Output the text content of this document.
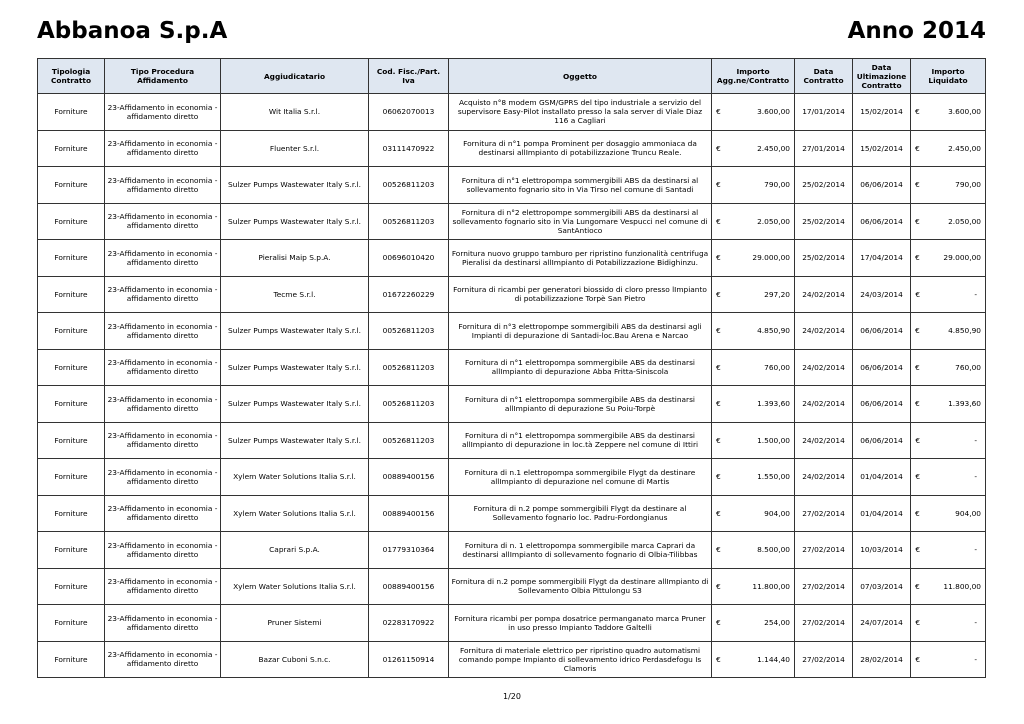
Abbanoa S.p.A	Anno 2014
Tipologia Contratto	Tipo Procedura Affidamento	Aggiudicatario	Cod. Fisc./Part. Iva	Oggetto	Importo Agg.ne/Contratto		Data Contratto	Data Ultimazione Contratto	Importo Liquidato	
Forniture	23-Affidamento in economia - affidamento diretto	Wit Italia S.r.l.	06062070013	Acquisto n°8 modem GSM/GPRS del tipo industriale a servizio del supervisore Easy-Pilot installato presso la sala server di Viale Diaz 116 a Cagliari	€	3.600,00	17/01/2014	15/02/2014	€	3.600,00
Forniture	23-Affidamento in economia - affidamento diretto	Fluenter S.r.l.	03111470922	Fornitura di n°1 pompa Prominent per dosaggio ammoniaca da destinarsi allImpianto di potabilizzazione Truncu Reale.	€	2.450,00	27/01/2014	15/02/2014	€	2.450,00
Forniture	23-Affidamento in economia - affidamento diretto	Sulzer Pumps Wastewater Italy S.r.l.	00526811203	Fornitura di n°1 elettropompa sommergibili ABS da destinarsi al sollevamento fognario sito in Via Tirso nel comune di Santadi	€	790,00	25/02/2014	06/06/2014	€	790,00
Forniture	23-Affidamento in economia - affidamento diretto	Sulzer Pumps Wastewater Italy S.r.l.	00526811203	Fornitura di n°2 elettropompe sommergibili ABS da destinarsi al sollevamento fognario sito in Via Lungomare Vespucci nel comune di SantAntioco	€	2.050,00	25/02/2014	06/06/2014	€	2.050,00
Forniture	23-Affidamento in economia - affidamento diretto	Pieralisi Maip S.p.A.	00696010420	Fornitura nuovo gruppo tamburo per ripristino funzionalità centrifuga Pieralisi da destinarsi allImpianto di Potabilizzazione Bidighinzu.	€	29.000,00	25/02/2014	17/04/2014	€	29.000,00
Forniture	23-Affidamento in economia - affidamento diretto	Tecme S.r.l.	01672260229	Fornitura di ricambi per generatori biossido di cloro presso lImpianto di potabilizzazione Torpè San Pietro	€	297,20	24/02/2014	24/03/2014	€	-
Forniture	23-Affidamento in economia - affidamento diretto	Sulzer Pumps Wastewater Italy S.r.l.	00526811203	Fornitura di n°3 elettropompe sommergibili ABS da destinarsi agli Impianti di depurazione di Santadi-loc.Bau Arena e Narcao	€	4.850,90	24/02/2014	06/06/2014	€	4.850,90
Forniture	23-Affidamento in economia - affidamento diretto	Sulzer Pumps Wastewater Italy S.r.l.	00526811203	Fornitura di n°1 elettropompa sommergibile ABS da destinarsi allImpianto di depurazione Abba Fritta-Siniscola	€	760,00	24/02/2014	06/06/2014	€	760,00
Forniture	23-Affidamento in economia - affidamento diretto	Sulzer Pumps Wastewater Italy S.r.l.	00526811203	Fornitura di n°1 elettropompa sommergibile ABS da destinarsi allImpianto di depurazione Su Poiu-Torpè	€	1.393,60	24/02/2014	06/06/2014	€	1.393,60
Forniture	23-Affidamento in economia - affidamento diretto	Sulzer Pumps Wastewater Italy S.r.l.	00526811203	Fornitura di n°1 elettropompa sommergibile ABS da destinarsi allImpianto di depurazione in loc.tà Zeppere nel comune di Ittiri	€	1.500,00	24/02/2014	06/06/2014	€	-
Forniture	23-Affidamento in economia - affidamento diretto	Xylem Water Solutions Italia S.r.l.	00889400156	Fornitura di n.1 elettropompa sommergibile Flygt da destinare allImpianto di depurazione nel comune di Martis	€	1.550,00	24/02/2014	01/04/2014	€	-
Forniture	23-Affidamento in economia - affidamento diretto	Xylem Water Solutions Italia S.r.l.	00889400156	Fornitura di n.2 pompe sommergibili Flygt da destinare al Sollevamento fognario loc. Padru-Fordongianus	€	904,00	27/02/2014	01/04/2014	€	904,00
Forniture	23-Affidamento in economia - affidamento diretto	Caprari S.p.A.	01779310364	Fornitura di n. 1 elettropompa sommergibile marca Caprari da destinarsi allImpianto di sollevamento fognario di Olbia-Tilibbas	€	8.500,00	27/02/2014	10/03/2014	€	-
Forniture	23-Affidamento in economia - affidamento diretto	Xylem Water Solutions Italia S.r.l.	00889400156	Fornitura di n.2 pompe sommergibili Flygt da destinare allImpianto di Sollevamento Olbia Pittulongu S3	€	11.800,00	27/02/2014	07/03/2014	€	11.800,00
Forniture	23-Affidamento in economia - affidamento diretto	Pruner Sistemi	02283170922	Fornitura ricambi per pompa dosatrice permanganato marca Pruner in uso presso Impianto Taddore Galtelli	€	254,00	27/02/2014	24/07/2014	€	-
Forniture	23-Affidamento in economia - affidamento diretto	Bazar Cuboni S.n.c.	01261150914	Fornitura di materiale elettrico per ripristino quadro automatismi comando pompe Impianto di sollevamento idrico Perdasdefogu Is Clamoris	€	1.144,40	27/02/2014	28/02/2014	€	-
1/20
